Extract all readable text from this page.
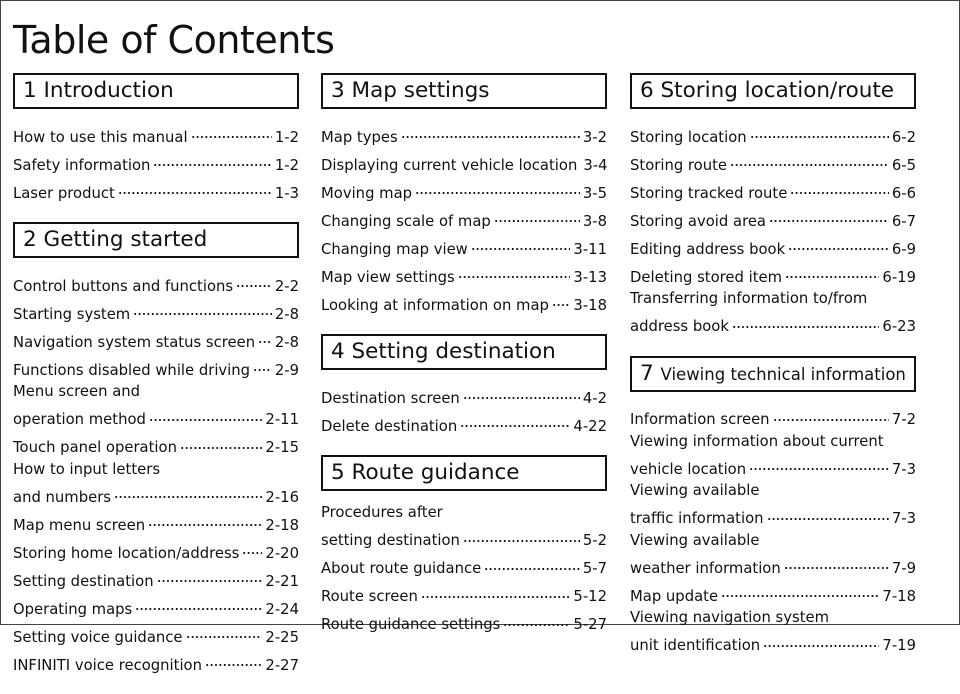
Table of Contents
1 Introduction
How to use this manual	1-2
Safety information	1-2
Laser product	1-3
2 Getting started
Control buttons and functions	2-2
Starting system	2-8
Navigation system status screen 2-8
Functions disabled while driving 2-9
Menu screen and
operation method	2-11
Touch panel operation	2-15
How to input letters
and numbers	2-16
Map menu screen	2-18
Storing home location/address 2-20
Setting destination	2-21
Operating maps	2-24
Setting voice guidance	2-25
INFINITI voice recognition	2-27
3 Map settings
Map types	3-2
Displaying current vehicle location 3-4
Moving map	3-5
Changing scale of map	3-8
Changing map view	3-11
Map view settings	3-13
Looking at information on map 3-18
4 Setting destination
Destination screen	4-2
Delete destination	4-22
5 Route guidance
Procedures after
setting destination	5-2
About route guidance	5-7
Route screen	5-12
Route guidance settings	5-27
6 Storing location/route
Storing location	6-2
Storing route	6-5
Storing tracked route	6-6
Storing avoid area	6-7
Editing address book	6-9
Deleting stored item	6-19
Transferring information to/from
address book	6-23
7 Viewing technical information
Information screen	7-2
Viewing information about current
vehicle location	7-3
Viewing available
traffic information	7-3
Viewing available
weather information	7-9
Map update	7-18
Viewing navigation system
unit identification	7-19
